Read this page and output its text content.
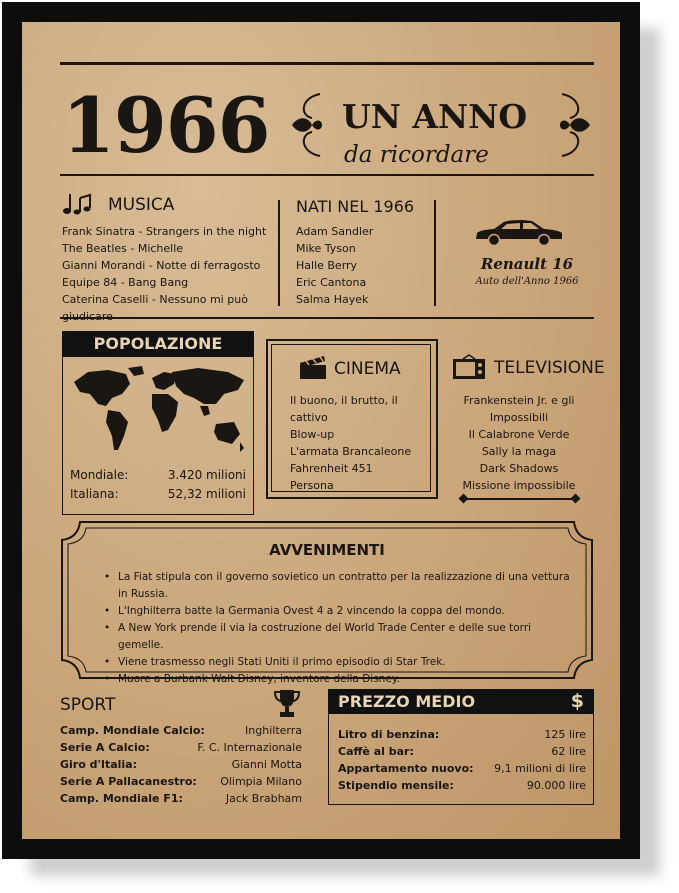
1966 UN ANNO
da ricordare
MUSICA
Frank Sinatra - Strangers in the night
The Beatles - Michelle
Gianni Morandi - Notte di ferragosto
Equipe 84 - Bang Bang
Caterina Caselli - Nessuno mi può
NATI NEL 1966
Adam Sandler
Mike Tyson
Halle Berry
Eric Cantona
Salma Hayek
Renault 16
Auto dell'Anno 1966
POPOLAZIONE
Mondiale:	3.420 milioni
Italiana:	52,32 milioni
CINEMA
Il buono, il brutto, il cattivo
Blow-up
L'armata Brancaleone
Fahrenheit 451
Persona
TELEVISIONE
Frankenstein Jr. e gli Impossibili
Il Calabrone Verde
Sally la maga
Dark Shadows
Missione impossibile
AVVENIMENTI
• La Fiat stipula con il governo sovietico un contratto per la realizzazione di una vettura in Russia.
• L'Inghilterra batte la Germania Ovest 4 a 2 vincendo la coppa del mondo.
• A New York prende il via la costruzione del World Trade Center e delle sue torri gemelle.
• Viene trasmesso negli Stati Uniti il primo episodio di Star Trek.
• Muore a Burbank Walt Disney, inventore della Disney.
SPORT
Camp. Mondiale Calcio:	Inghilterra
Serie A Calcio:	F. C. Internazionale
Giro d'Italia:	Gianni Motta
Serie A Pallacanestro: Olimpia Milano
Camp. Mondiale F1:	Jack Brabham
PREZZO MEDIO	$
Litro di benzina:	125 lire
Caffè al bar:	62 lire
Appartamento nuovo: 9,1 milioni di lire
Stipendio mensile:	90.000 lire
